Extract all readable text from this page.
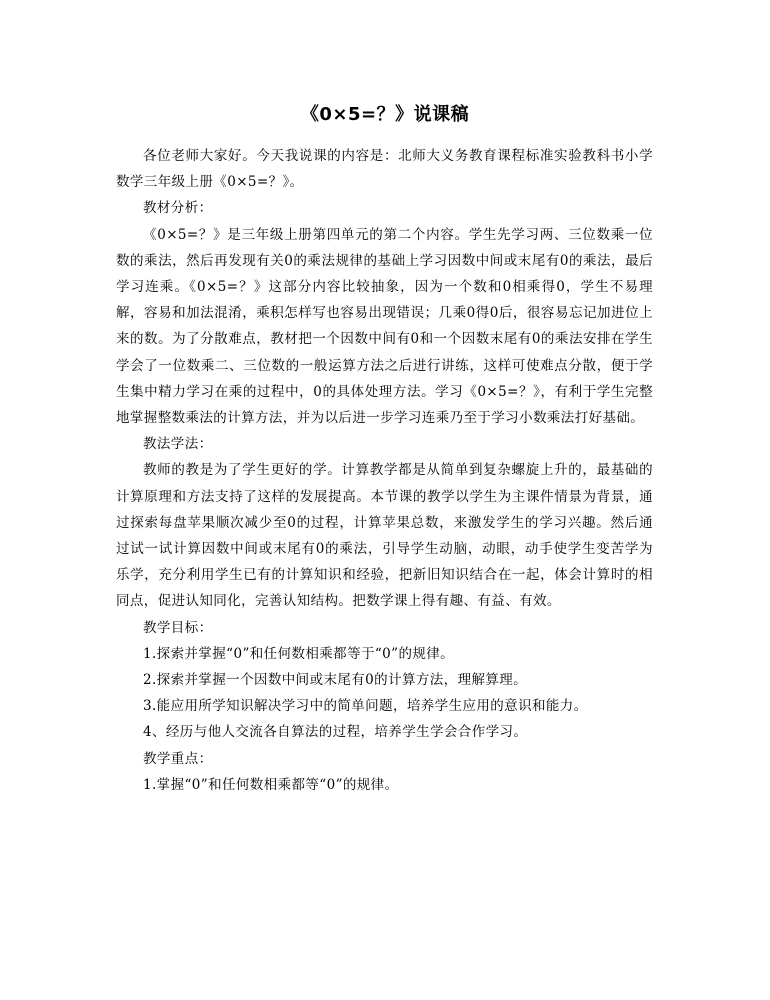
《0×5=？》说课稿

各位老师大家好。今天我说课的内容是：北师大义务教育课程标准实验教科书小学数学三年级上册《0×5=？》。

教材分析：

《0×5=？》是三年级上册第四单元的第二个内容。学生先学习两、三位数乘一位数的乘法，然后再发现有关0的乘法规律的基础上学习因数中间或末尾有0的乘法，最后学习连乘。《0×5=？》这部分内容比较抽象，因为一个数和0相乘得0，学生不易理解，容易和加法混淆，乘积怎样写也容易出现错误；几乘0得0后，很容易忘记加进位上来的数。为了分散难点，教材把一个因数中间有0和一个因数末尾有0的乘法安排在学生学会了一位数乘二、三位数的一般运算方法之后进行讲练，这样可使难点分散，便于学生集中精力学习在乘的过程中，0的具体处理方法。学习《0×5=？》，有利于学生完整地掌握整数乘法的计算方法，并为以后进一步学习连乘乃至于学习小数乘法打好基础。

教法学法：

教师的教是为了学生更好的学。计算教学都是从简单到复杂螺旋上升的，最基础的计算原理和方法支持了这样的发展提高。本节课的教学以学生为主课件情景为背景，通过探索每盘苹果顺次减少至0的过程，计算苹果总数，来激发学生的学习兴趣。然后通过试一试计算因数中间或末尾有0的乘法，引导学生动脑，动眼，动手使学生变苦学为乐学，充分利用学生已有的计算知识和经验，把新旧知识结合在一起，体会计算时的相同点，促进认知同化，完善认知结构。把数学课上得有趣、有益、有效。

教学目标：

1.探索并掌握“0”和任何数相乘都等于“0”的规律。

2.探索并掌握一个因数中间或末尾有0的计算方法，理解算理。

3.能应用所学知识解决学习中的简单问题，培养学生应用的意识和能力。

4、经历与他人交流各自算法的过程，培养学生学会合作学习。

教学重点：

1.掌握“0”和任何数相乘都等“0”的规律。
